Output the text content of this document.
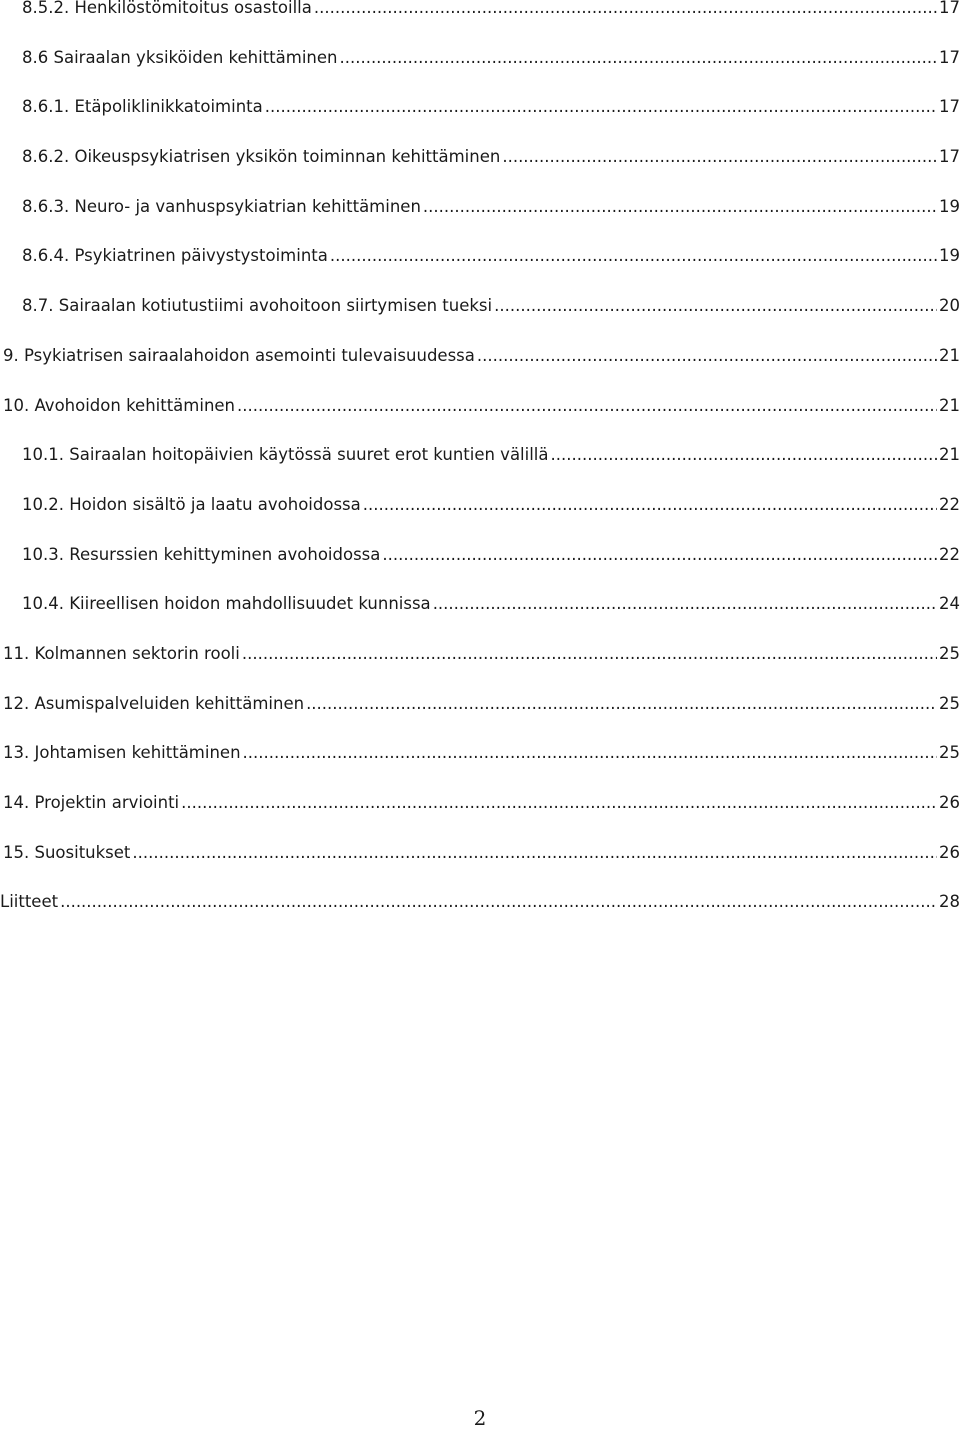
8.5.2. Henkilöstömitoitus osastoilla .....	17
8.6 Sairaalan yksiköiden kehittäminen .....	17
8.6.1. Etäpoliklinikkatoiminta .....	17
8.6.2. Oikeuspsykiatrisen yksikön toiminnan kehittäminen .....	17
8.6.3. Neuro- ja vanhuspsykiatrian kehittäminen .....	19
8.6.4. Psykiatrinen päivystystoiminta .....	19
8.7. Sairaalan kotiutustiimi avohoitoon siirtymisen tueksi .....	20
9. Psykiatrisen sairaalahoidon asemointi tulevaisuudessa .....	21
10. Avohoidon kehittäminen .....	21
10.1. Sairaalan hoitopäivien käytössä suuret erot kuntien välillä .....	21
10.2. Hoidon sisältö ja laatu avohoidossa .....	22
10.3. Resurssien kehittyminen avohoidossa .....	22
10.4. Kiireellisen hoidon mahdollisuudet kunnissa .....	24
11. Kolmannen sektorin rooli .....	25
12. Asumispalveluiden kehittäminen .....	25
13. Johtamisen kehittäminen .....	25
14. Projektin arviointi .....	26
15. Suositukset .....	26
Liitteet .....	28
2
